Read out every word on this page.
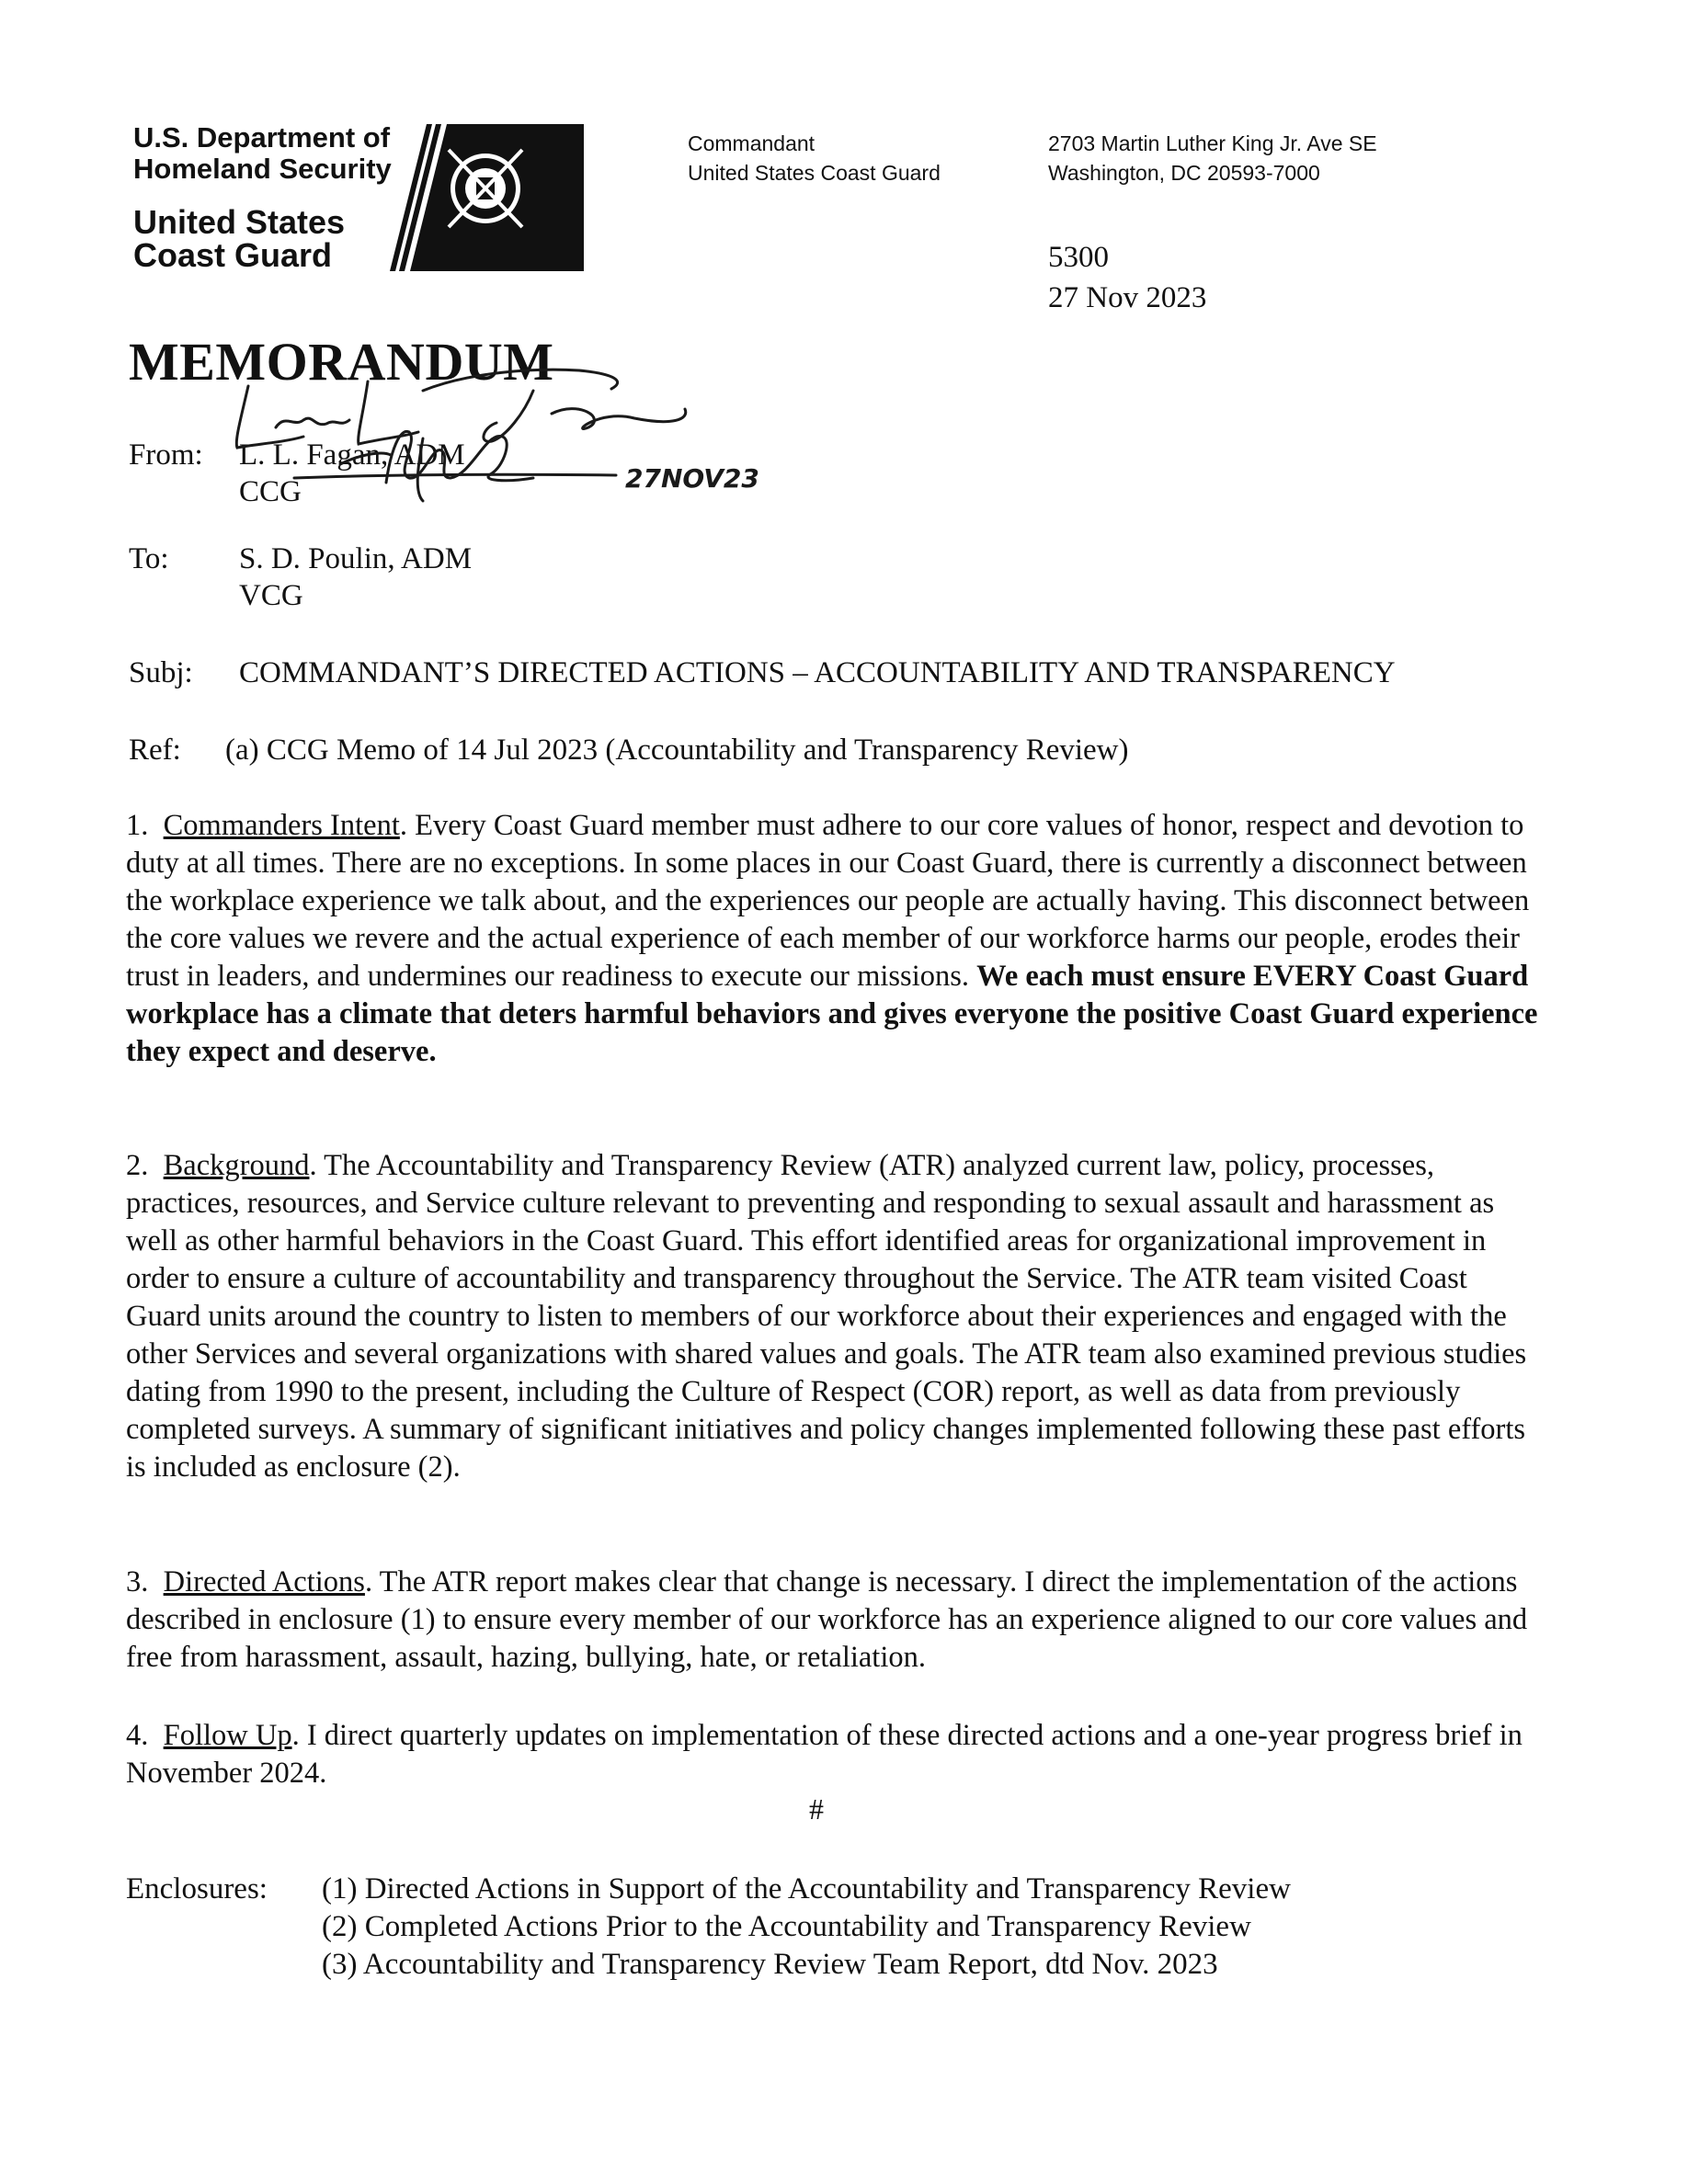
U.S. Department of
Homeland Security
United States
Coast Guard
Commandant
United States Coast Guard
2703 Martin Luther King Jr. Ave SE
Washington, DC 20593-7000
5300
27 Nov 2023
MEMORANDUM
From: L. L. Fagan, ADM
CCG	27NOV23
To: S. D. Poulin, ADM
VCG
Subj: COMMANDANT’S DIRECTED ACTIONS – ACCOUNTABILITY AND TRANSPARENCY
Ref: (a) CCG Memo of 14 Jul 2023 (Accountability and Transparency Review)

1. Commanders Intent. Every Coast Guard member must adhere to our core values of honor, respect and devotion to duty at all times. There are no exceptions. In some places in our Coast Guard, there is currently a disconnect between the workplace experience we talk about, and the experiences our people are actually having. This disconnect between the core values we revere and the actual experience of each member of our workforce harms our people, erodes their trust in leaders, and undermines our readiness to execute our missions. We each must ensure EVERY Coast Guard workplace has a climate that deters harmful behaviors and gives everyone the positive Coast Guard experience they expect and deserve.

2. Background. The Accountability and Transparency Review (ATR) analyzed current law, policy, processes, practices, resources, and Service culture relevant to preventing and responding to sexual assault and harassment as well as other harmful behaviors in the Coast Guard. This effort identified areas for organizational improvement in order to ensure a culture of accountability and transparency throughout the Service. The ATR team visited Coast Guard units around the country to listen to members of our workforce about their experiences and engaged with the other Services and several organizations with shared values and goals. The ATR team also examined previous studies dating from 1990 to the present, including the Culture of Respect (COR) report, as well as data from previously completed surveys. A summary of significant initiatives and policy changes implemented following these past efforts is included as enclosure (2).

3. Directed Actions. The ATR report makes clear that change is necessary. I direct the implementation of the actions described in enclosure (1) to ensure every member of our workforce has an experience aligned to our core values and free from harassment, assault, hazing, bullying, hate, or retaliation.

4. Follow Up. I direct quarterly updates on implementation of these directed actions and a one-year progress brief in November 2024.

#
Enclosures: (1) Directed Actions in Support of the Accountability and Transparency Review
(2) Completed Actions Prior to the Accountability and Transparency Review
(3) Accountability and Transparency Review Team Report, dtd Nov. 2023
